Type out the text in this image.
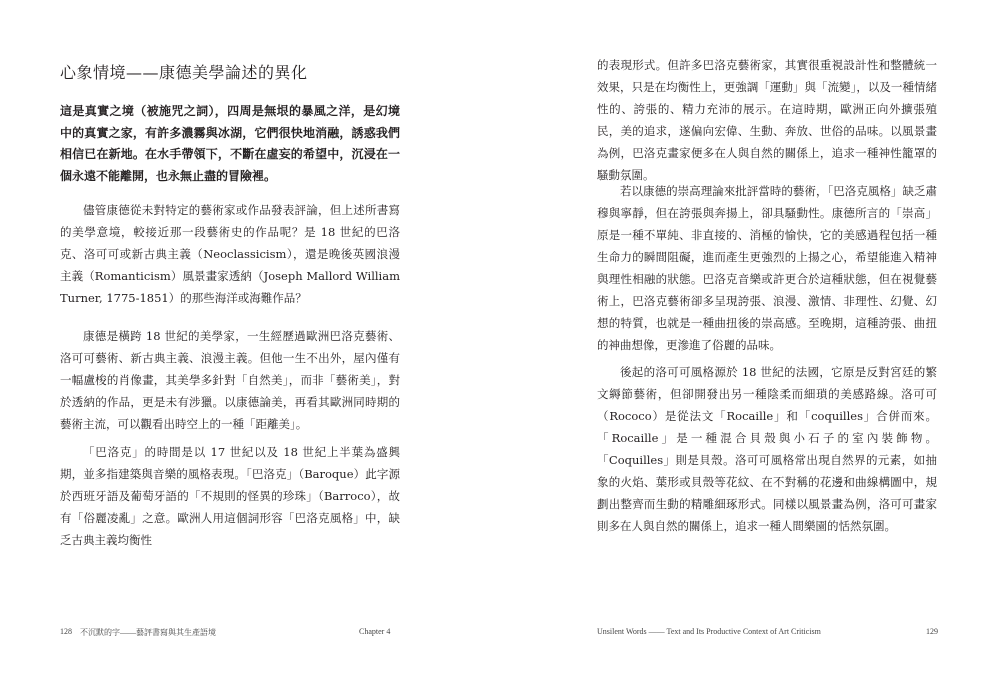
心象情境——康德美學論述的異化

這是真實之境（被施咒之詞），四周是無垠的暴風之洋，是幻境中的真實之家，有許多濃霧與冰湖，它們很快地消融，誘惑我們相信已在新地。在水手帶領下，不斷在虛妄的希望中，沉浸在一個永遠不能離開，也永無止盡的冒險裡。

儘管康德從未對特定的藝術家或作品發表評論，但上述所書寫的美學意境，較接近那一段藝術史的作品呢？是 18 世紀的巴洛克、洛可可或新古典主義（Neoclassicism），還是晚後英國浪漫主義（Romanticism）風景畫家透納（Joseph Mallord William Turner, 1775-1851）的那些海洋或海難作品？

康德是橫跨 18 世紀的美學家，一生經歷過歐洲巴洛克藝術、洛可可藝術、新古典主義、浪漫主義。但他一生不出外，屋內僅有一幅盧梭的肖像畫，其美學多針對「自然美」，而非「藝術美」，對於透納的作品，更是未有涉獵。以康德論美，再看其歐洲同時期的藝術主流，可以觀看出時空上的一種「距離美」。

「巴洛克」的時間是以 17 世紀以及 18 世紀上半葉為盛興期，並多指建築與音樂的風格表現。「巴洛克」（Baroque）此字源於西班牙語及葡萄牙語的「不規則的怪異的珍珠」（Barroco），故有「俗麗凌亂」之意。歐洲人用這個詞形容「巴洛克風格」中，缺乏古典主義均衡性

128 不沉默的字——藝評書寫與其生產語境	Chapter 4

的表現形式。但許多巴洛克藝術家，其實很重視設計性和整體統一效果，只是在均衡性上，更強調「運動」與「流變」，以及一種情緒性的、誇張的、精力充沛的展示。在這時期，歐洲正向外擴張殖民，美的追求，遂偏向宏偉、生動、奔放、世俗的品味。以風景畫為例，巴洛克畫家便多在人與自然的關係上，追求一種神性籠罩的騷動氛圍。

若以康德的崇高理論來批評當時的藝術，「巴洛克風格」缺乏肅穆與寧靜，但在誇張與奔揚上，卻具騷動性。康德所言的「崇高」原是一種不單純、非直接的、消極的愉快，它的美感過程包括一種生命力的瞬間阻礙，進而產生更強烈的上揚之心，希望能進入精神與理性相融的狀態。巴洛克音樂或許更合於這種狀態，但在視覺藝術上，巴洛克藝術卻多呈現誇張、浪漫、激情、非理性、幻覺、幻想的特質，也就是一種曲扭後的崇高感。至晚期，這種誇張、曲扭的神曲想像，更滲進了俗麗的品味。

後起的洛可可風格源於 18 世紀的法國，它原是反對宮廷的繁文縟節藝術，但卻開發出另一種陰柔而細瑣的美感路線。洛可可（Rococo）是從法文「Rocaille」和「coquilles」合併而來。「Rocaille」是一種混合貝殼與小石子的室內裝飾物。「Coquilles」則是貝殼。洛可可風格常出現自然界的元素，如抽象的火焰、葉形或貝殼等花紋、在不對稱的花邊和曲線構圖中，規劃出整齊而生動的精雕細琢形式。同樣以風景畫為例，洛可可畫家則多在人與自然的關係上，追求一種人間樂園的恬然氛圍。

Unsilent Words —— Text and Its Productive Context of Art Criticism	129
